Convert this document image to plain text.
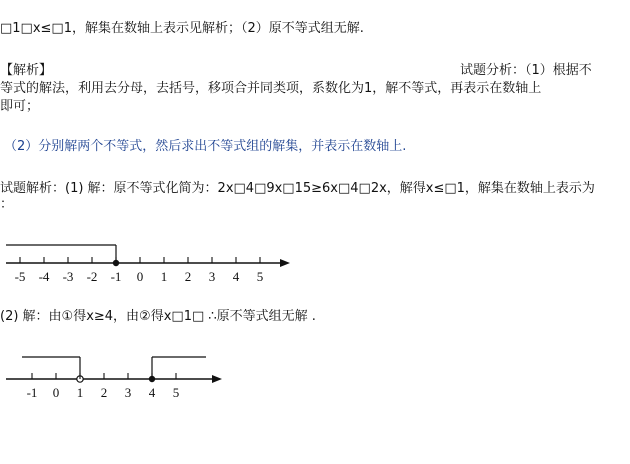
□1□x≤□1，解集在数轴上表示见解析；（2）原不等式组无解.
【解析】	试题分析：（1）根据不
等式的解法，利用去分母，去括号，移项合并同类项，系数化为1，解不等式，再表示在数轴上
即可；
（2）分别解两个不等式，然后求出不等式组的解集，并表示在数轴上.
试题解析：(1) 解：原不等式化简为：2x□4□9x□15≥6x□4□2x，解得x≤□1，解集在数轴上表示为
：
-5 -4 -3 -2 -1 0 1 2 3 4 5
(2) 解：由①得x≥4，由②得x□1□ ∴原不等式组无解 .
-1 0 1 2 3 4 5
